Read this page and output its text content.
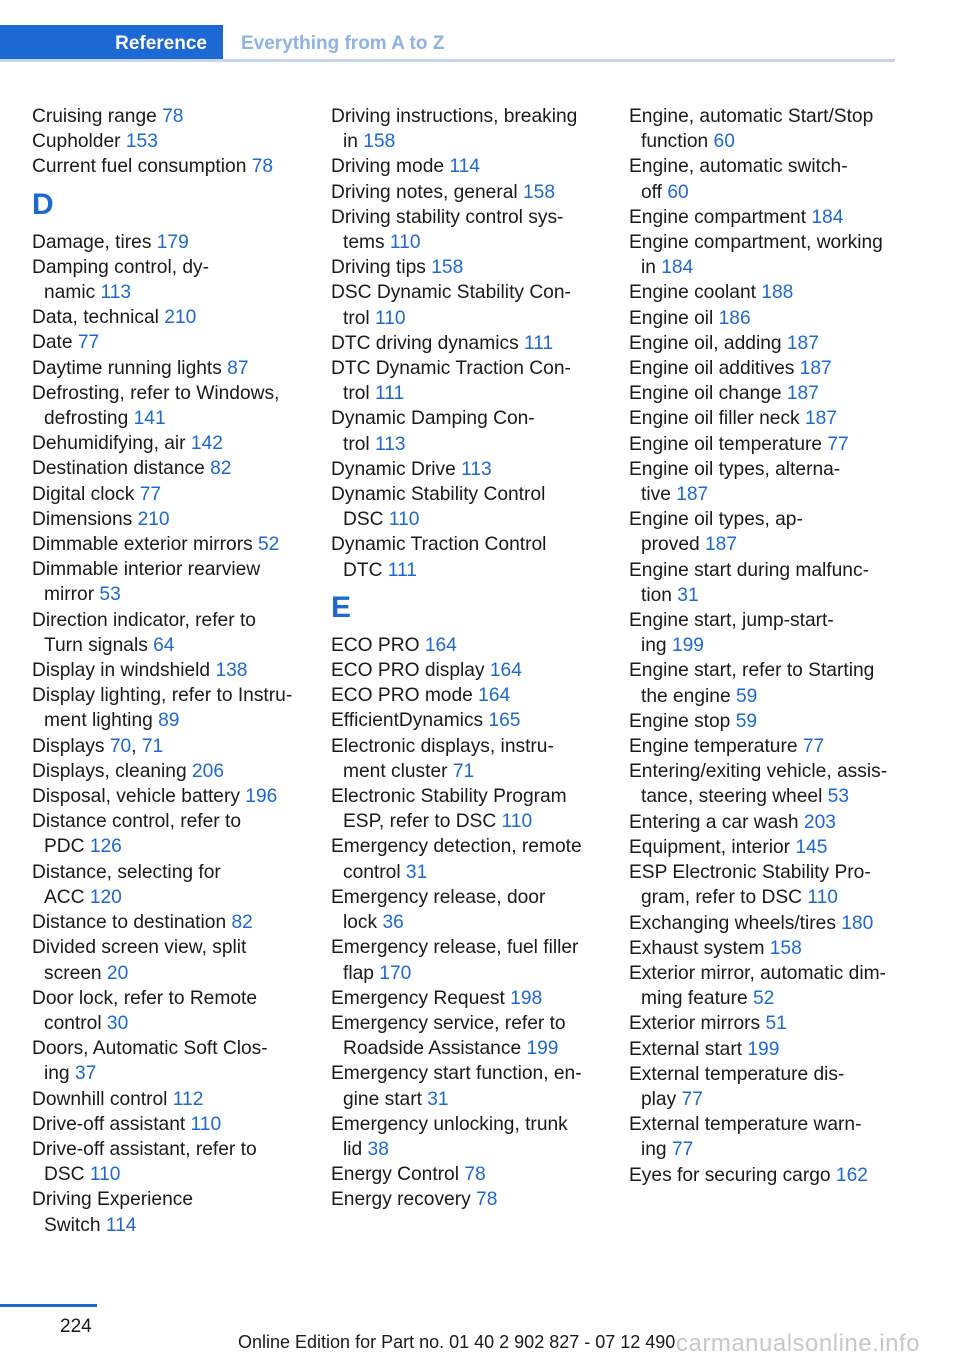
Reference	Everything from A to Z
Cruising range 78
Cupholder 153
Current fuel consumption 78
D
Damage, tires 179
Damping control, dy-
namic 113
Data, technical 210
Date 77
Daytime running lights 87
Defrosting, refer to Windows,
defrosting 141
Dehumidifying, air 142
Destination distance 82
Digital clock 77
Dimensions 210
Dimmable exterior mirrors 52
Dimmable interior rearview
mirror 53
Direction indicator, refer to
Turn signals 64
Display in windshield 138
Display lighting, refer to Instru-
ment lighting 89
Displays 70, 71
Displays, cleaning 206
Disposal, vehicle battery 196
Distance control, refer to
PDC 126
Distance, selecting for
ACC 120
Distance to destination 82
Divided screen view, split
screen 20
Door lock, refer to Remote
control 30
Doors, Automatic Soft Clos-
ing 37
Downhill control 112
Drive-off assistant 110
Drive-off assistant, refer to
DSC 110
Driving Experience
Switch 114
Driving instructions, breaking
in 158
Driving mode 114
Driving notes, general 158
Driving stability control sys-
tems 110
Driving tips 158
DSC Dynamic Stability Con-
trol 110
DTC driving dynamics 111
DTC Dynamic Traction Con-
trol 111
Dynamic Damping Con-
trol 113
Dynamic Drive 113
Dynamic Stability Control
DSC 110
Dynamic Traction Control
DTC 111
E
ECO PRO 164
ECO PRO display 164
ECO PRO mode 164
EfficientDynamics 165
Electronic displays, instru-
ment cluster 71
Electronic Stability Program
ESP, refer to DSC 110
Emergency detection, remote
control 31
Emergency release, door
lock 36
Emergency release, fuel filler
flap 170
Emergency Request 198
Emergency service, refer to
Roadside Assistance 199
Emergency start function, en-
gine start 31
Emergency unlocking, trunk
lid 38
Energy Control 78
Energy recovery 78
Engine, automatic Start/Stop
function 60
Engine, automatic switch-
off 60
Engine compartment 184
Engine compartment, working
in 184
Engine coolant 188
Engine oil 186
Engine oil, adding 187
Engine oil additives 187
Engine oil change 187
Engine oil filler neck 187
Engine oil temperature 77
Engine oil types, alterna-
tive 187
Engine oil types, ap-
proved 187
Engine start during malfunc-
tion 31
Engine start, jump-start-
ing 199
Engine start, refer to Starting
the engine 59
Engine stop 59
Engine temperature 77
Entering/exiting vehicle, assis-
tance, steering wheel 53
Entering a car wash 203
Equipment, interior 145
ESP Electronic Stability Pro-
gram, refer to DSC 110
Exchanging wheels/tires 180
Exhaust system 158
Exterior mirror, automatic dim-
ming feature 52
Exterior mirrors 51
External start 199
External temperature dis-
play 77
External temperature warn-
ing 77
Eyes for securing cargo 162
224
Online Edition for Part no. 01 40 2 902 827 - 07 12 490 carmanualsonline.info
